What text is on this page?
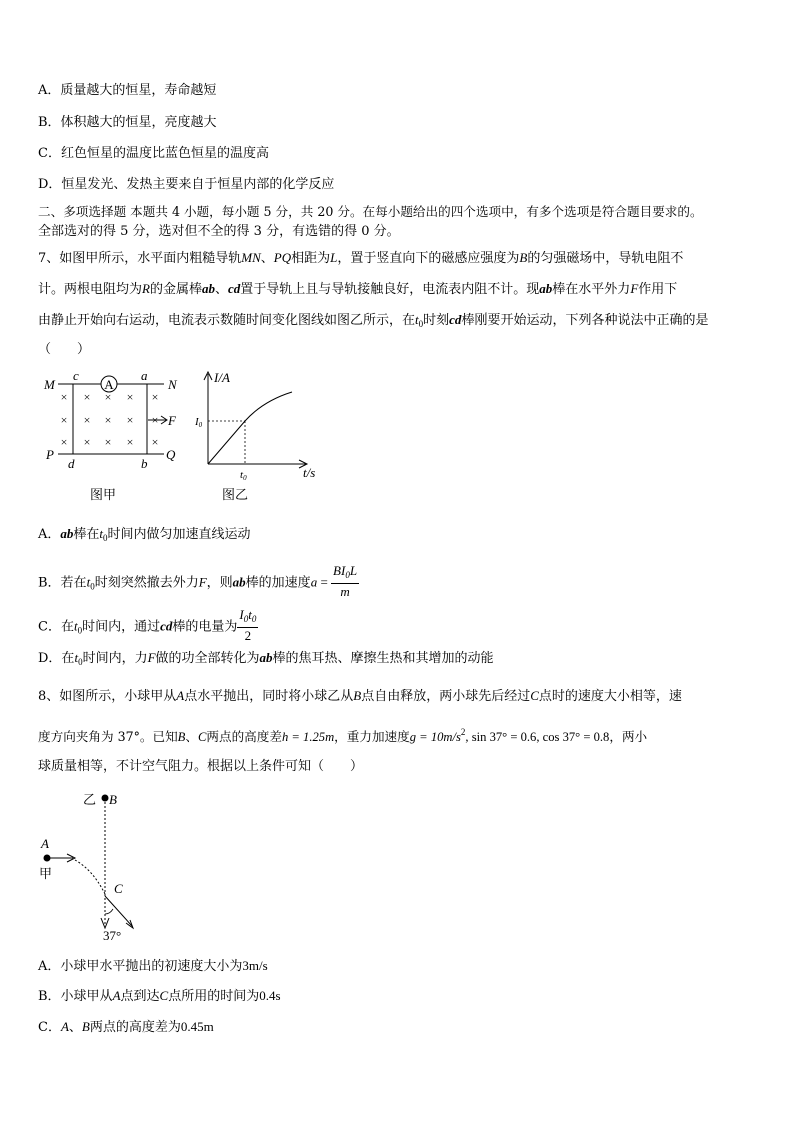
A．质量越大的恒星，寿命越短
B．体积越大的恒星，亮度越大
C．红色恒星的温度比蓝色恒星的温度高
D．恒星发光、发热主要来自于恒星内部的化学反应
二、多项选择题 本题共 4 小题，每小题 5 分，共 20 分。在每小题给出的四个选项中，有多个选项是符合题目要求的。
全部选对的得 5 分，选对但不全的得 3 分，有选错的得 0 分。
7、如图甲所示，水平面内粗糙导轨MN、PQ相距为L，置于竖直向下的磁感应强度为B的匀强磁场中，导轨电阻不
计。两根电阻均为R的金属棒ab、cd置于导轨上且与导轨接触良好，电流表内阻不计。现ab棒在水平外力F作用下
由静止开始向右运动，电流表示数随时间变化图线如图乙所示，在$t_0$时刻cd棒刚要开始运动，下列各种说法中正确的是
（　　）
A
M
c	a
N
P
d	b
Q
× × × × ×
× × × × ×
× × × × ×
F
图甲
I/A
t/s
I0
t0
图乙
A．ab棒在$t_0$时间内做匀加速直线运动
B．若在$t_0$时刻突然撤去外力F，则ab棒的加速度$a = \frac{BI_0L}{m}$
C．在$t_0$时间内，通过cd棒的电量为 $\frac{I_0t_0}{2}$
D．在$t_0$时间内，力F做的功全部转化为ab棒的焦耳热、摩擦生热和其增加的动能
8、如图所示，小球甲从A点水平抛出，同时将小球乙从B点自由释放，两小球先后经过C点时的速度大小相等，速
度方向夹角为 37°。已知B、C两点的高度差h = 1.25m，重力加速度$g = 10m/s^2$, sin 37° = 0.6, cos 37° = 0.8，两小
球质量相等，不计空气阻力。根据以上条件可知（　　）
乙 B
A
甲
C
37°
A．小球甲水平抛出的初速度大小为3m/s
B．小球甲从A点到达C点所用的时间为0.4s
C．A、B两点的高度差为0.45m
